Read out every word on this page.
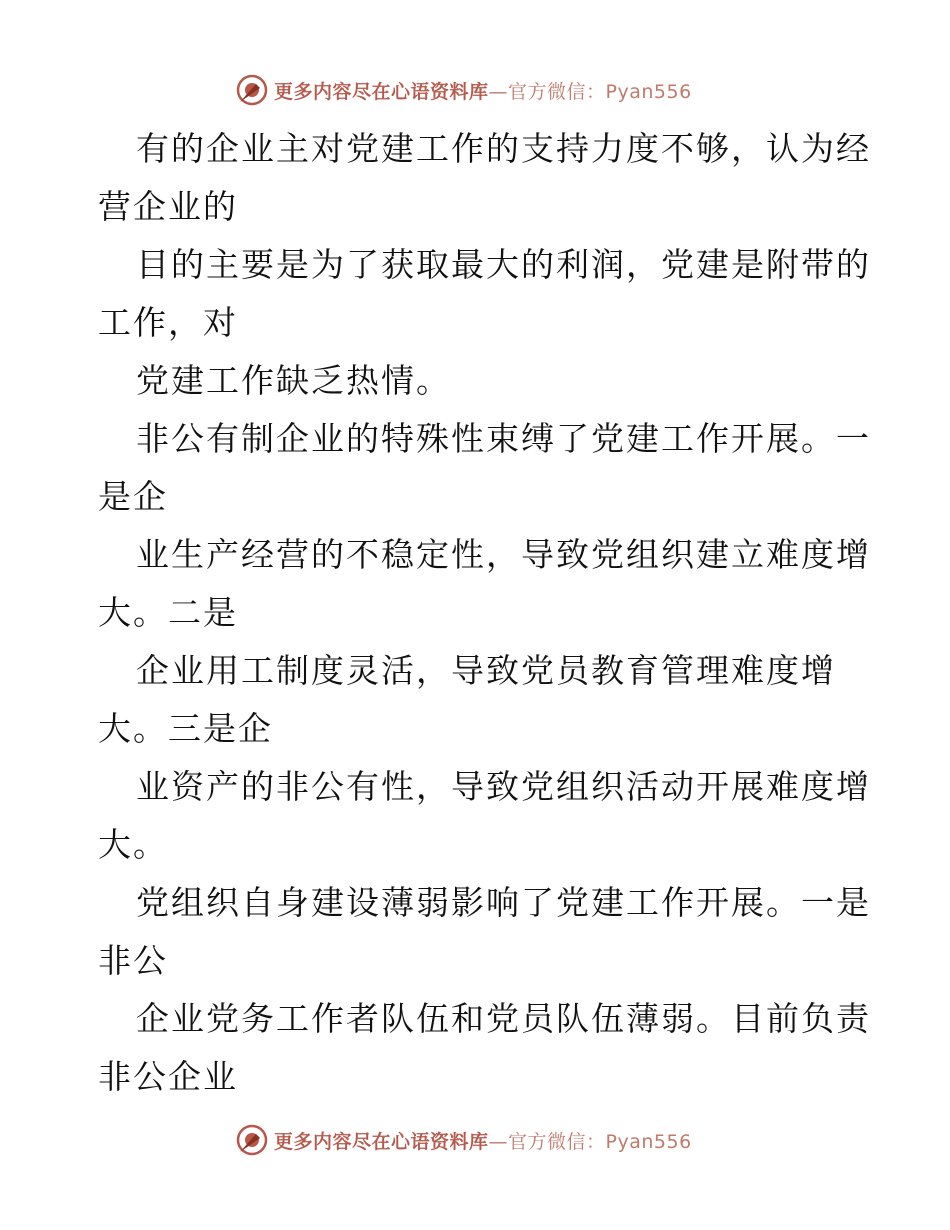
更多内容尽在心语资料库—官方微信：Pyan556
有的企业主对党建工作的支持力度不够，认为经
营企业的
目的主要是为了获取最大的利润，党建是附带的
工作，对
党建工作缺乏热情。
非公有制企业的特殊性束缚了党建工作开展。一
是企
业生产经营的不稳定性，导致党组织建立难度增
大。二是
企业用工制度灵活，导致党员教育管理难度增
大。三是企
业资产的非公有性，导致党组织活动开展难度增
大。
党组织自身建设薄弱影响了党建工作开展。一是
非公
企业党务工作者队伍和党员队伍薄弱。目前负责
非公企业
更多内容尽在心语资料库—官方微信：Pyan556
